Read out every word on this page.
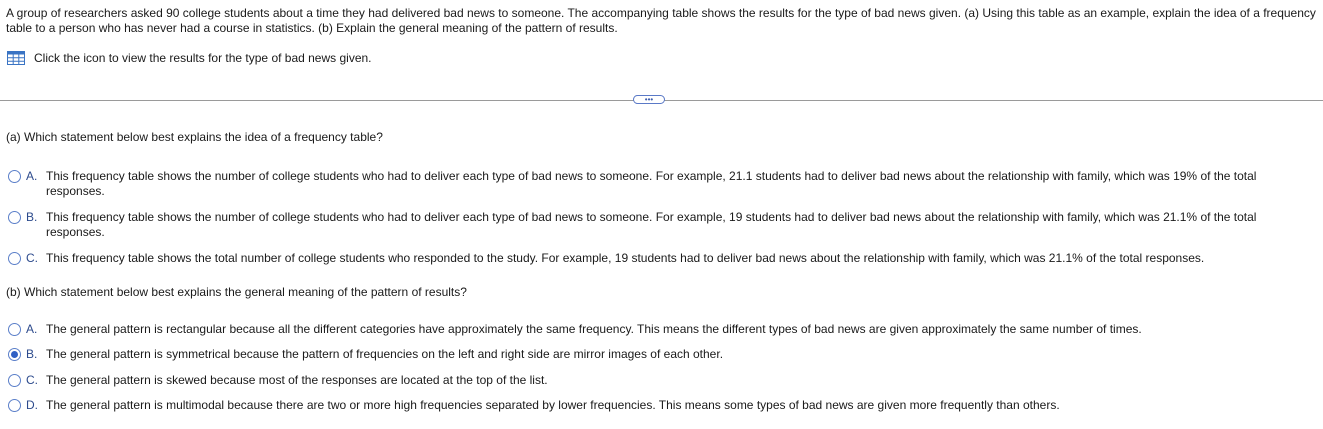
A group of researchers asked 90 college students about a time they had delivered bad news to someone. The accompanying table shows the results for the type of bad news given. (a) Using this table as an example, explain the idea of a frequency table to a person who has never had a course in statistics. (b) Explain the general meaning of the pattern of results.
Click the icon to view the results for the type of bad news given.
•••
(a) Which statement below best explains the idea of a frequency table?
A. This frequency table shows the number of college students who had to deliver each type of bad news to someone. For example, 21.1 students had to deliver bad news about the relationship with family, which was 19% of the total responses.
B. This frequency table shows the number of college students who had to deliver each type of bad news to someone. For example, 19 students had to deliver bad news about the relationship with family, which was 21.1% of the total responses.
C. This frequency table shows the total number of college students who responded to the study. For example, 19 students had to deliver bad news about the relationship with family, which was 21.1% of the total responses.
(b) Which statement below best explains the general meaning of the pattern of results?
A. The general pattern is rectangular because all the different categories have approximately the same frequency. This means the different types of bad news are given approximately the same number of times.
B. The general pattern is symmetrical because the pattern of frequencies on the left and right side are mirror images of each other.
C. The general pattern is skewed because most of the responses are located at the top of the list.
D. The general pattern is multimodal because there are two or more high frequencies separated by lower frequencies. This means some types of bad news are given more frequently than others.
